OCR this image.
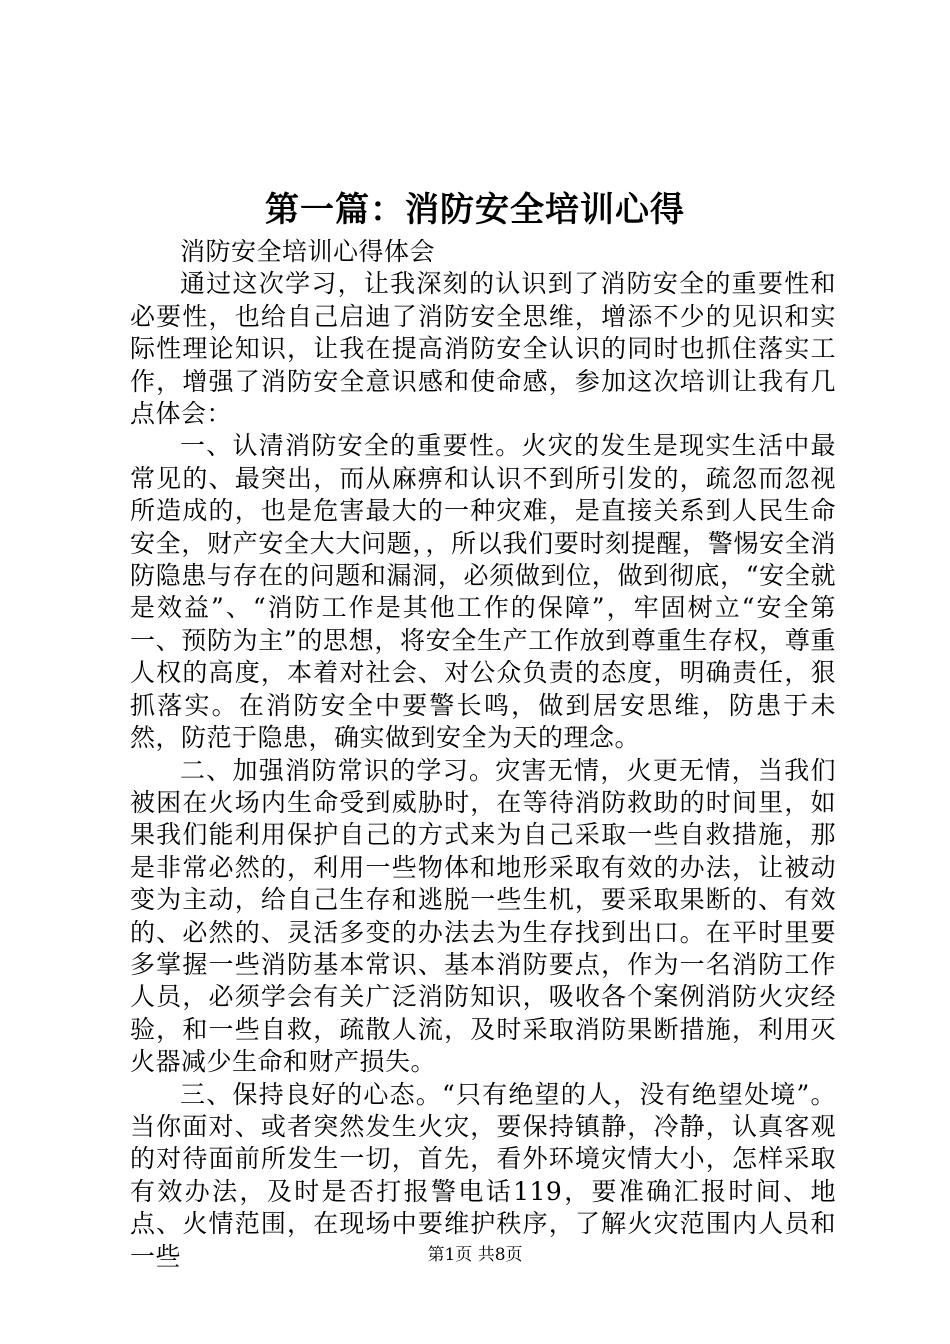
第一篇：消防安全培训心得

消防安全培训心得体会

通过这次学习，让我深刻的认识到了消防安全的重要性和必要性，也给自己启迪了消防安全思维，增添不少的见识和实际性理论知识，让我在提高消防安全认识的同时也抓住落实工作，增强了消防安全意识感和使命感，参加这次培训让我有几点体会：

一、认清消防安全的重要性。火灾的发生是现实生活中最常见的、最突出，而从麻痹和认识不到所引发的，疏忽而忽视所造成的，也是危害最大的一种灾难，是直接关系到人民生命安全，财产安全大大问题，，所以我们要时刻提醒，警惕安全消防隐患与存在的问题和漏洞，必须做到位，做到彻底，“安全就是效益”、“消防工作是其他工作的保障”，牢固树立“安全第一、预防为主”的思想，将安全生产工作放到尊重生存权，尊重人权的高度，本着对社会、对公众负责的态度，明确责任，狠抓落实。在消防安全中要警长鸣，做到居安思维，防患于未然，防范于隐患，确实做到安全为天的理念。

二、加强消防常识的学习。灾害无情，火更无情，当我们被困在火场内生命受到威胁时，在等待消防救助的时间里，如果我们能利用保护自己的方式来为自己采取一些自救措施，那是非常必然的，利用一些物体和地形采取有效的办法，让被动变为主动，给自己生存和逃脱一些生机，要采取果断的、有效的、必然的、灵活多变的办法去为生存找到出口。在平时里要多掌握一些消防基本常识、基本消防要点，作为一名消防工作人员，必须学会有关广泛消防知识，吸收各个案例消防火灾经验，和一些自救，疏散人流，及时采取消防果断措施，利用灭火器减少生命和财产损失。

三、保持良好的心态。“只有绝望的人，没有绝望处境”。当你面对、或者突然发生火灾，要保持镇静，冷静，认真客观的对待面前所发生一切，首先，看外环境灾情大小，怎样采取有效办法，及时是否打报警电话119，要准确汇报时间、地点、火情范围，在现场中要维护秩序，了解火灾范围内人员和一些	第1页 共8页
